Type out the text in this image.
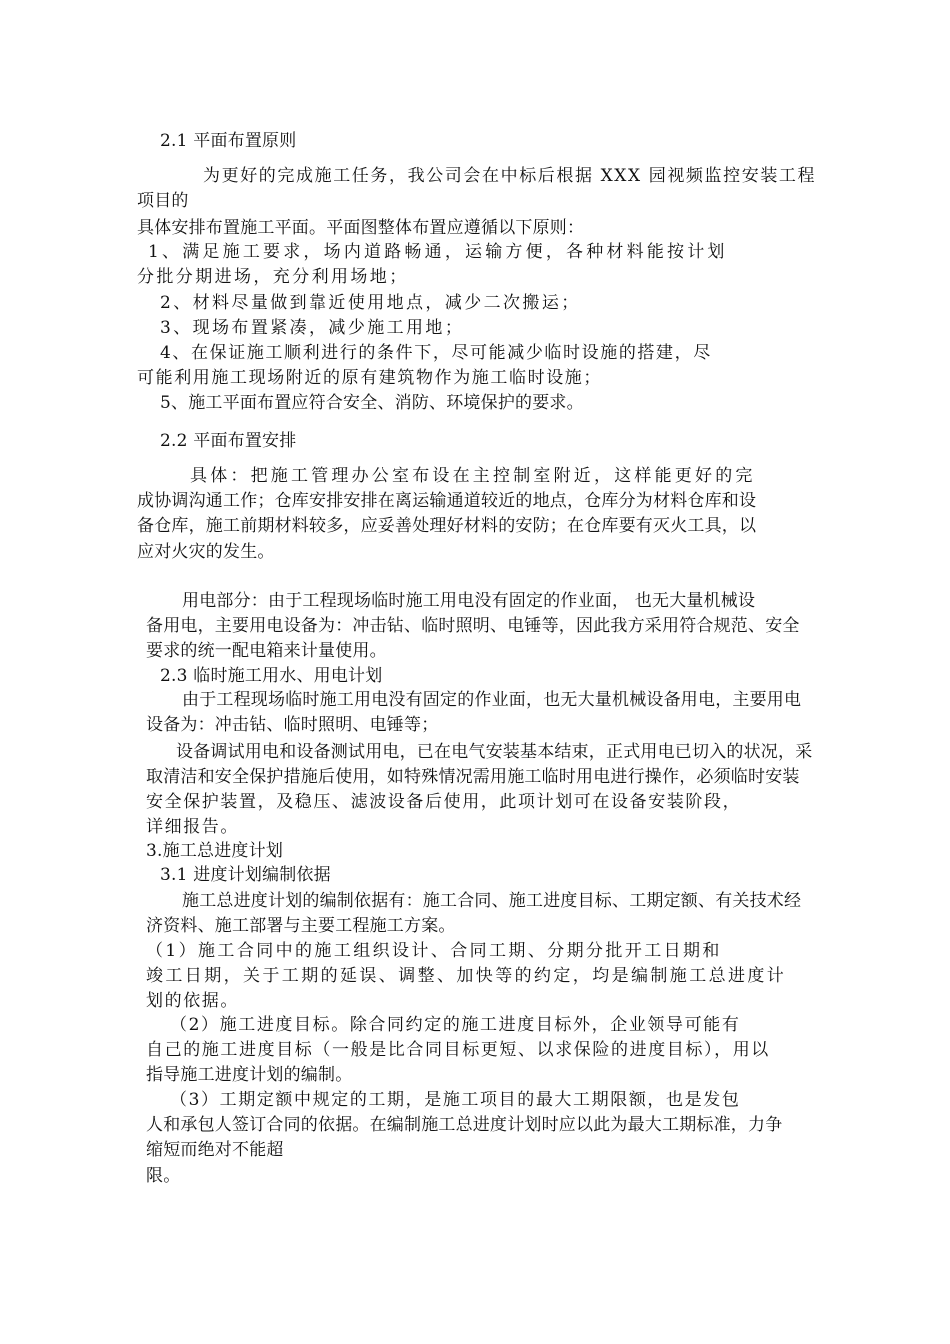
2.1 平面布置原则
为更好的完成施工任务，我公司会在中标后根据 XXX 园视频监控安装工程
项目的
具体安排布置施工平面。平面图整体布置应遵循以下原则：
1、满足施工要求，场内道路畅通，运输方便，各种材料能按计划
分批分期进场，充分利用场地；
2、材料尽量做到靠近使用地点，减少二次搬运；
3、现场布置紧凑，减少施工用地；
4、在保证施工顺利进行的条件下，尽可能减少临时设施的搭建，尽
可能利用施工现场附近的原有建筑物作为施工临时设施；
5、施工平面布置应符合安全、消防、环境保护的要求。
2.2 平面布置安排
具体：把施工管理办公室布设在主控制室附近，这样能更好的完
成协调沟通工作；仓库安排安排在离运输通道较近的地点，仓库分为材料仓库和设
备仓库，施工前期材料较多，应妥善处理好材料的安防；在仓库要有灭火工具，以
应对火灾的发生。
用电部分：由于工程现场临时施工用电没有固定的作业面， 也无大量机械设
备用电，主要用电设备为：冲击钻、临时照明、电锤等，因此我方采用符合规范、安全
要求的统一配电箱来计量使用。
2.3 临时施工用水、用电计划
由于工程现场临时施工用电没有固定的作业面，也无大量机械设备用电，主要用电
设备为：冲击钻、临时照明、电锤等；
设备调试用电和设备测试用电，已在电气安装基本结束，正式用电已切入的状况，采
取清洁和安全保护措施后使用，如特殊情况需用施工临时用电进行操作，必须临时安装
安全保护装置，及稳压、滤波设备后使用，此项计划可在设备安装阶段，
详细报告。
3.施工总进度计划
3.1 进度计划编制依据
施工总进度计划的编制依据有：施工合同、施工进度目标、工期定额、有关技术经
济资料、施工部署与主要工程施工方案。
（1）施工合同中的施工组织设计、合同工期、分期分批开工日期和
竣工日期，关于工期的延误、调整、加快等的约定，均是编制施工总进度计
划的依据。
（2）施工进度目标。除合同约定的施工进度目标外，企业领导可能有
自己的施工进度目标（一般是比合同目标更短、以求保险的进度目标），用以
指导施工进度计划的编制。
（3）工期定额中规定的工期，是施工项目的最大工期限额，也是发包
人和承包人签订合同的依据。在编制施工总进度计划时应以此为最大工期标准，力争
缩短而绝对不能超
限。
